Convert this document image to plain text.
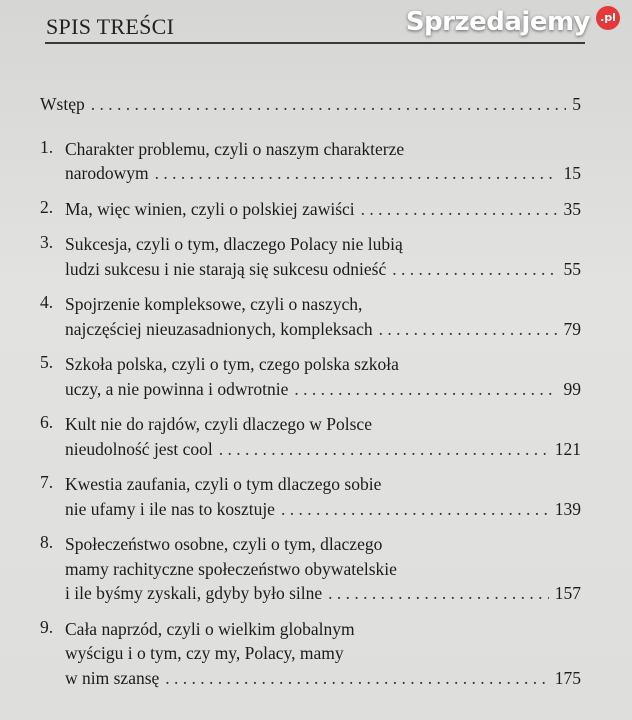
SPIS TREŚCI
Wstęp . . .	5
1. Charakter problemu, czyli o naszym charakterze
narodowym . . .	15
2. Ma, więc winien, czyli o polskiej zawiści . . .	35
3. Sukcesja, czyli o tym, dlaczego Polacy nie lubią
ludzi sukcesu i nie starają się sukcesu odnieść . . .	55
4. Spojrzenie kompleksowe, czyli o naszych,
najczęściej nieuzasadnionych, kompleksach . . .	79
5. Szkoła polska, czyli o tym, czego polska szkoła
uczy, a nie powinna i odwrotnie . . .	99
6. Kult nie do rajdów, czyli dlaczego w Polsce
nieudolność jest cool . . .	121
7. Kwestia zaufania, czyli o tym dlaczego sobie
nie ufamy i ile nas to kosztuje . . .	139
8. Społeczeństwo osobne, czyli o tym, dlaczego
mamy rachityczne społeczeństwo obywatelskie
i ile byśmy zyskali, gdyby było silne . . .	157
9. Cała naprzód, czyli o wielkim globalnym
wyścigu i o tym, czy my, Polacy, mamy
w nim szansę . . .	175
Sprzedajemy .pl
